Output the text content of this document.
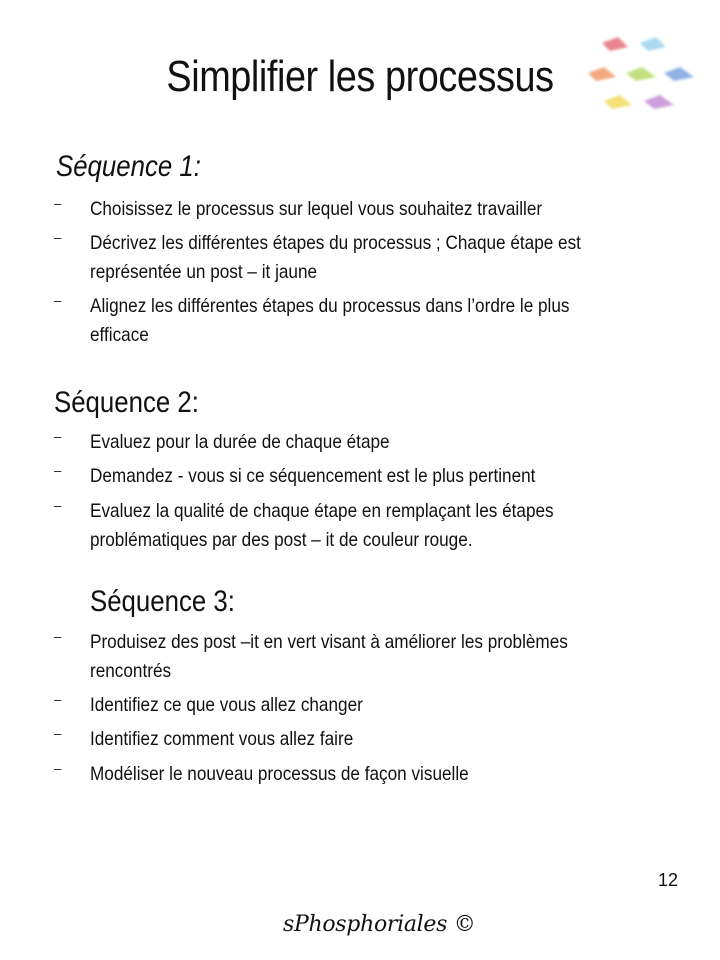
Simplifier les processus
Séquence 1:
– Choisissez le processus sur lequel vous souhaitez travailler
– Décrivez les différentes étapes du processus ; Chaque étape est
représentée un post – it jaune
– Alignez les différentes étapes du processus dans l’ordre le plus
efficace
Séquence 2:
– Evaluez pour la durée de chaque étape
– Demandez - vous si ce séquencement est le plus pertinent
– Evaluez la qualité de chaque étape en remplaçant les étapes
problématiques par des post – it de couleur rouge.
Séquence 3:
– Produisez des post –it en vert visant à améliorer les problèmes
rencontrés
– Identifiez ce que vous allez changer
– Identifiez comment vous allez faire
– Modéliser le nouveau processus de façon visuelle
12
sPhosphoriales ©
